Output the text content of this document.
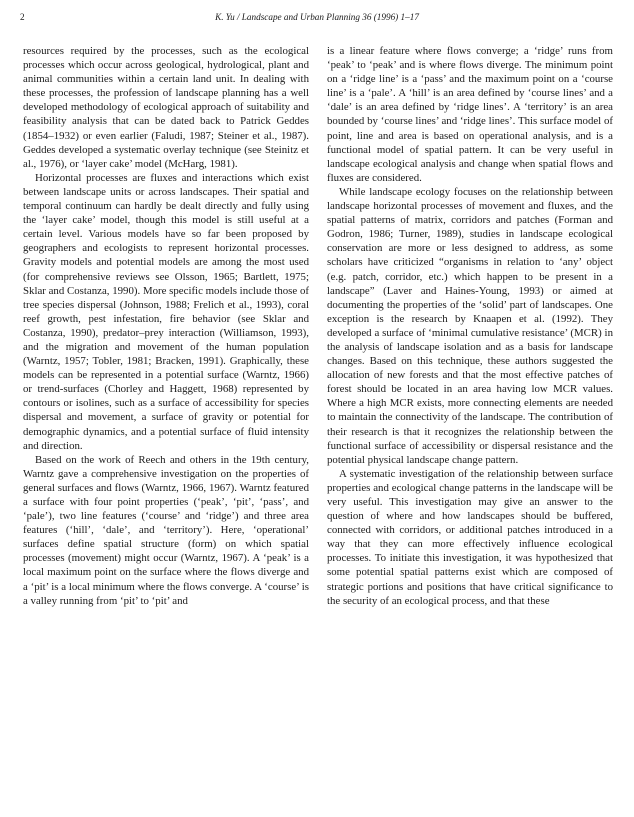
2	K. Yu / Landscape and Urban Planning 36 (1996) 1–17

resources required by the processes, such as the ecological processes which occur across geological, hydrological, plant and animal communities within a certain land unit. In dealing with these processes, the profession of landscape planning has a well developed methodology of ecological approach of suitability and feasibility analysis that can be dated back to Patrick Geddes (1854–1932) or even earlier (Faludi, 1987; Steiner et al., 1987). Geddes developed a systematic overlay technique (see Steinitz et al., 1976), or ‘layer cake’ model (McHarg, 1981).

Horizontal processes are fluxes and interactions which exist between landscape units or across landscapes. Their spatial and temporal continuum can hardly be dealt directly and fully using the ‘layer cake’ model, though this model is still useful at a certain level. Various models have so far been proposed by geographers and ecologists to represent horizontal processes. Gravity models and potential models are among the most used (for comprehensive reviews see Olsson, 1965; Bartlett, 1975; Sklar and Costanza, 1990). More specific models include those of tree species dispersal (Johnson, 1988; Frelich et al., 1993), coral reef growth, pest infestation, fire behavior (see Sklar and Costanza, 1990), predator–prey interaction (Williamson, 1993), and the migration and movement of the human population (Warntz, 1957; Tobler, 1981; Bracken, 1991). Graphically, these models can be represented in a potential surface (Warntz, 1966) or trend-surfaces (Chorley and Haggett, 1968) represented by contours or isolines, such as a surface of accessibility for species dispersal and movement, a surface of gravity or potential for demographic dynamics, and a potential surface of fluid intensity and direction.

Based on the work of Reech and others in the 19th century, Warntz gave a comprehensive investigation on the properties of general surfaces and flows (Warntz, 1966, 1967). Warntz featured a surface with four point properties (‘peak’, ‘pit’, ‘pass’, and ‘pale’), two line features (‘course’ and ‘ridge’) and three area features (‘hill’, ‘dale’, and ‘territory’). Here, ‘operational’ surfaces define spatial structure (form) on which spatial processes (movement) might occur (Warntz, 1967). A ‘peak’ is a local maximum point on the surface where the flows diverge and a ‘pit’ is a local minimum where the flows converge. A ‘course’ is a valley running from ‘pit’ to ‘pit’ and

is a linear feature where flows converge; a ‘ridge’ runs from ‘peak’ to ‘peak’ and is where flows diverge. The minimum point on a ‘ridge line’ is a ‘pass’ and the maximum point on a ‘course line’ is a ‘pale’. A ‘hill’ is an area defined by ‘course lines’ and a ‘dale’ is an area defined by ‘ridge lines’. A ‘territory’ is an area bounded by ‘course lines’ and ‘ridge lines’. This surface model of point, line and area is based on operational analysis, and is a functional model of spatial pattern. It can be very useful in landscape ecological analysis and change when spatial flows and fluxes are considered.

While landscape ecology focuses on the relationship between landscape horizontal processes of movement and fluxes, and the spatial patterns of matrix, corridors and patches (Forman and Godron, 1986; Turner, 1989), studies in landscape ecological conservation are more or less designed to address, as some scholars have criticized “organisms in relation to ‘any’ object (e.g. patch, corridor, etc.) which happen to be present in a landscape” (Laver and Haines-Young, 1993) or aimed at documenting the properties of the ‘solid’ part of landscapes. One exception is the research by Knaapen et al. (1992). They developed a surface of ‘minimal cumulative resistance’ (MCR) in the analysis of landscape isolation and as a basis for landscape changes. Based on this technique, these authors suggested the allocation of new forests and that the most effective patches of forest should be located in an area having low MCR values. Where a high MCR exists, more connecting elements are needed to maintain the connectivity of the landscape. The contribution of their research is that it recognizes the relationship between the functional surface of accessibility or dispersal resistance and the potential physical landscape change pattern.

A systematic investigation of the relationship between surface properties and ecological change patterns in the landscape will be very useful. This investigation may give an answer to the question of where and how landscapes should be buffered, connected with corridors, or additional patches introduced in a way that they can more effectively influence ecological processes. To initiate this investigation, it was hypothesized that some potential spatial patterns exist which are composed of strategic portions and positions that have critical significance to the security of an ecological process, and that these
